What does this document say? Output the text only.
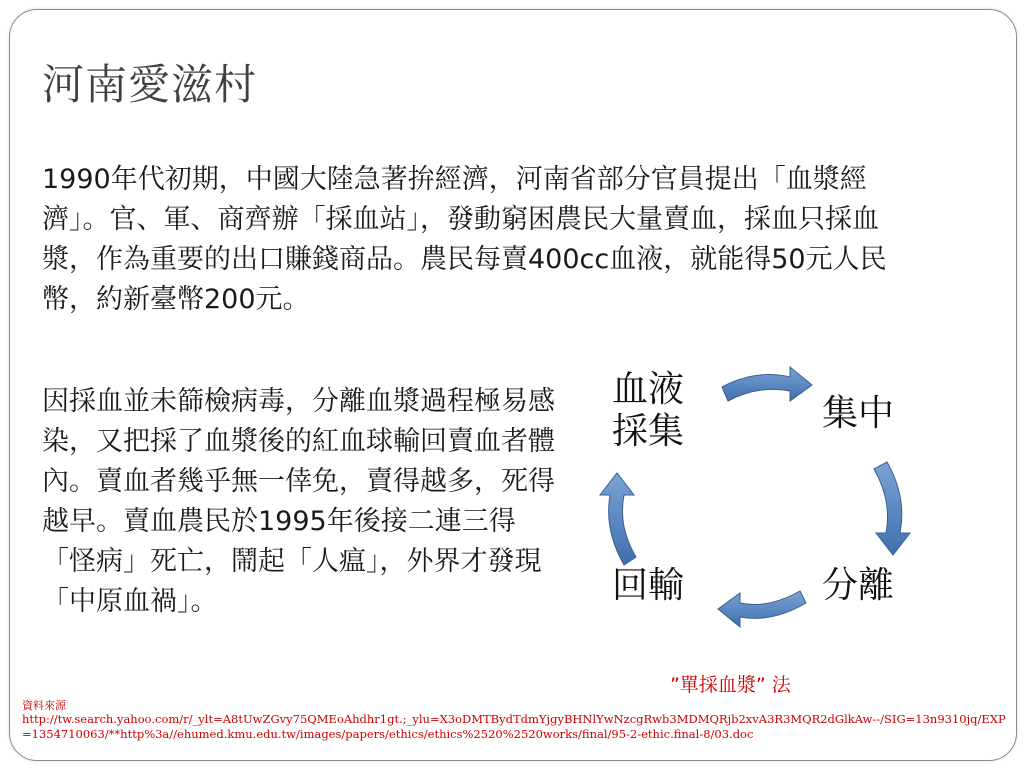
河南愛滋村
1990年代初期，中國大陸急著拚經濟，河南省部分官員提出「血漿經濟」。官、軍、商齊辦「採血站」，發動窮困農民大量賣血，採血只採血漿，作為重要的出口賺錢商品。農民每賣400cc血液，就能得50元人民幣，約新臺幣200元。
因採血並未篩檢病毒，分離血漿過程極易感染，又把採了血漿後的紅血球輸回賣血者體內。賣血者幾乎無一倖免，賣得越多，死得越早。賣血農民於1995年後接二連三得「怪病」死亡，鬧起「人瘟」，外界才發現「中原血禍」。
血液
採集	集中
分離
回輸
”單採血漿” 法
資料來源
http://tw.search.yahoo.com/r/_ylt=A8tUwZGvy75QMEoAhdhr1gt.;_ylu=X3oDMTBydTdmYjgyBHNlYwNzcgRwb3MDMQRjb2xvA3R3MQR2dGlkAw--/SIG=13n9310jq/EXP=1354710063/**http%3a//ehumed.kmu.edu.tw/images/papers/ethics/ethics%2520%2520works/final/95-2-ethic.final-8/03.doc
